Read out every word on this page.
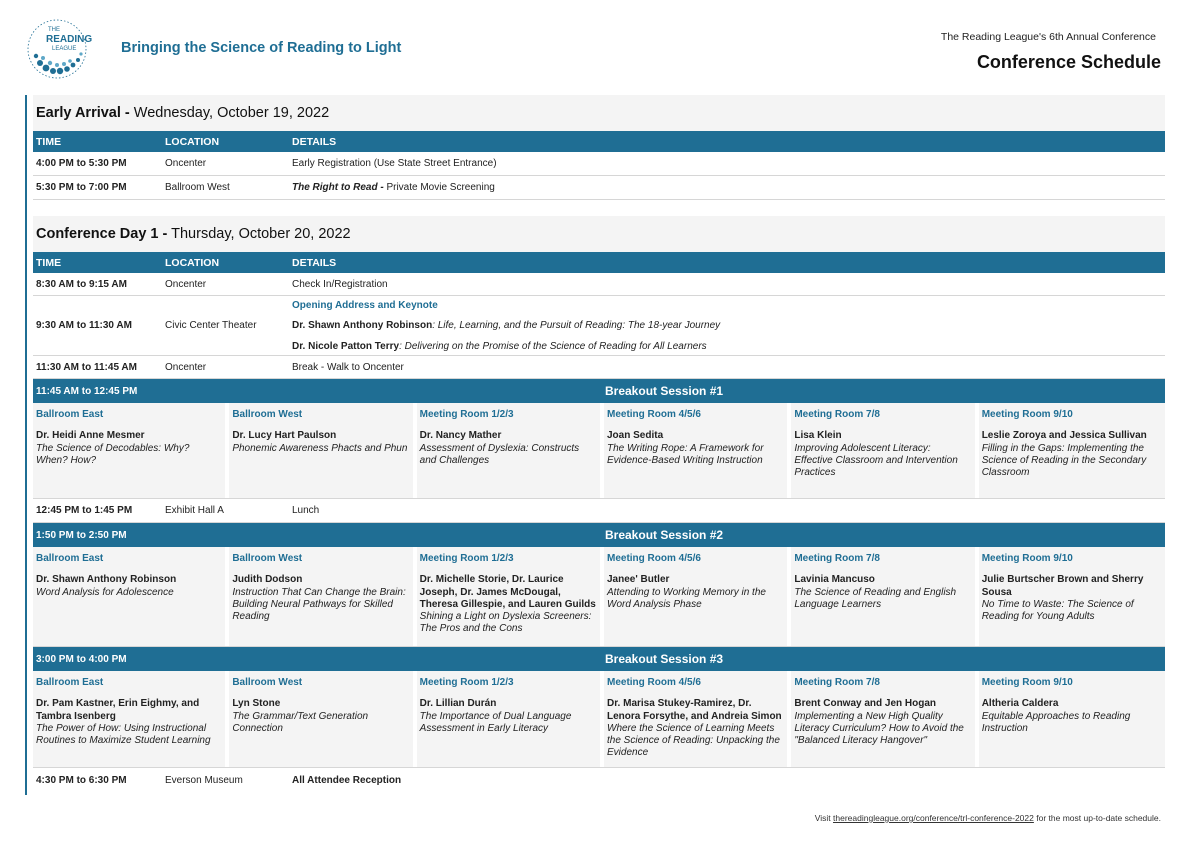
THE
READING
LEAGUE	Bringing the Science of Reading to Light
The Reading League's 6th Annual Conference
Conference Schedule
Early Arrival - Wednesday, October 19, 2022
TIME	LOCATION	DETAILS
4:00 PM to 5:30 PM	Oncenter	Early Registration (Use State Street Entrance)
5:30 PM to 7:00 PM	Ballroom West	The Right to Read - Private Movie Screening
Conference Day 1 - Thursday, October 20, 2022
TIME	LOCATION	DETAILS
8:30 AM to 9:15 AM	Oncenter	Check In/Registration
9:30 AM to 11:30 AM	Civic Center Theater
Opening Address and Keynote
Dr. Shawn Anthony Robinson: Life, Learning, and the Pursuit of Reading: The 18-year Journey
Dr. Nicole Patton Terry: Delivering on the Promise of the Science of Reading for All Learners
11:30 AM to 11:45 AM	Oncenter	Break - Walk to Oncenter
11:45 AM to 12:45 PM	Breakout Session #1
Ballroom East
Dr. Heidi Anne Mesmer
The Science of Decodables: Why? When? How?
Ballroom West
Dr. Lucy Hart Paulson
Phonemic Awareness Phacts and Phun
Meeting Room 1/2/3
Dr. Nancy Mather
Assessment of Dyslexia: Constructs and Challenges
Meeting Room 4/5/6
Joan Sedita
The Writing Rope: A Framework for Evidence-Based Writing Instruction
Meeting Room 7/8
Lisa Klein
Improving Adolescent Literacy: Effective Classroom and Intervention Practices
Meeting Room 9/10
Leslie Zoroya and Jessica Sullivan
Filling in the Gaps: Implementing the Science of Reading in the Secondary Classroom
12:45 PM to 1:45 PM	Exhibit Hall A	Lunch
1:50 PM to 2:50 PM	Breakout Session #2
Ballroom East
Dr. Shawn Anthony Robinson
Word Analysis for Adolescence
Ballroom West
Judith Dodson
Instruction That Can Change the Brain: Building Neural Pathways for Skilled Reading
Meeting Room 1/2/3
Dr. Michelle Storie, Dr. Laurice Joseph, Dr. James McDougal, Theresa Gillespie, and Lauren Guilds
Shining a Light on Dyslexia Screeners: The Pros and the Cons
Meeting Room 4/5/6
Janee' Butler
Attending to Working Memory in the Word Analysis Phase
Meeting Room 7/8
Lavinia Mancuso
The Science of Reading and English Language Learners
Meeting Room 9/10
Julie Burtscher Brown and Sherry Sousa
No Time to Waste: The Science of Reading for Young Adults
3:00 PM to 4:00 PM	Breakout Session #3
Ballroom East
Dr. Pam Kastner, Erin Eighmy, and Tambra Isenberg
The Power of How: Using Instructional Routines to Maximize Student Learning
Ballroom West
Lyn Stone
The Grammar/Text Generation Connection
Meeting Room 1/2/3
Dr. Lillian Durán
The Importance of Dual Language Assessment in Early Literacy
Meeting Room 4/5/6
Dr. Marisa Stukey-Ramirez, Dr. Lenora Forsythe, and Andreia Simon
Where the Science of Learning Meets the Science of Reading: Unpacking the Evidence
Meeting Room 7/8
Brent Conway and Jen Hogan
Implementing a New High Quality Literacy Curriculum? How to Avoid the "Balanced Literacy Hangover"
Meeting Room 9/10
Altheria Caldera
Equitable Approaches to Reading Instruction
4:30 PM to 6:30 PM	Everson Museum	All Attendee Reception
Visit thereadingleague.org/conference/trl-conference-2022 for the most up-to-date schedule.
